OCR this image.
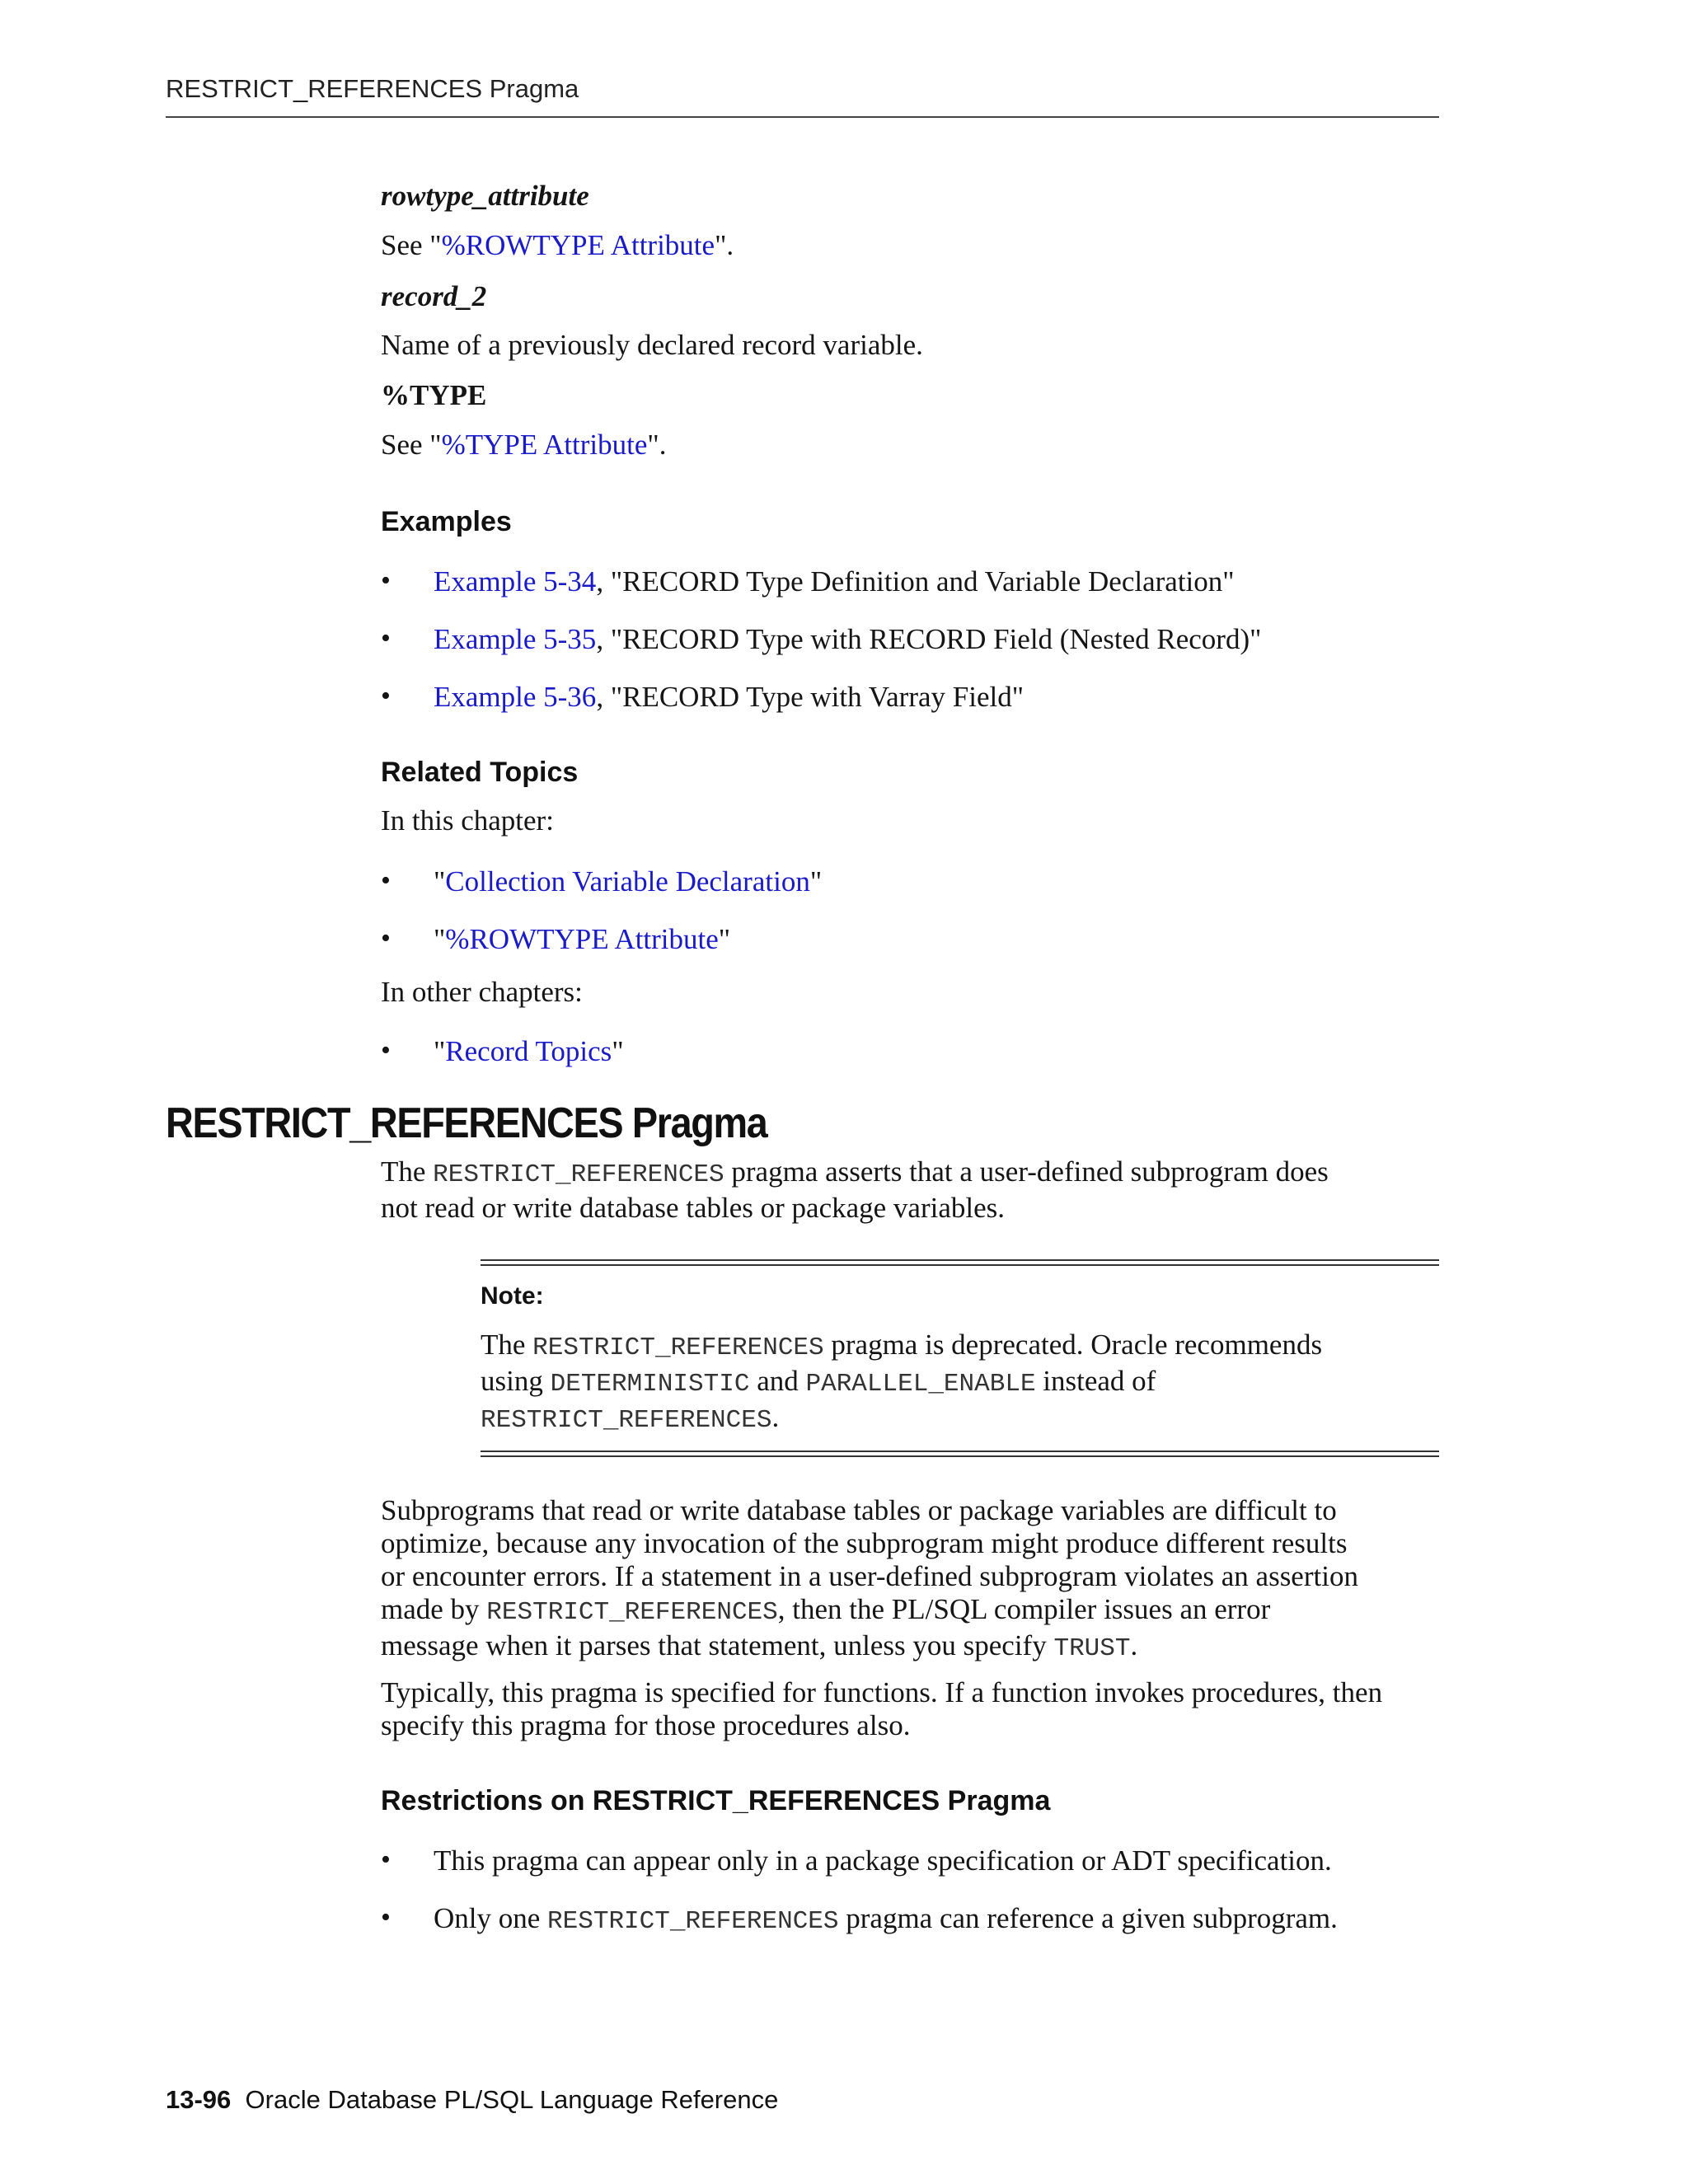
RESTRICT_REFERENCES Pragma
rowtype_attribute
See "%ROWTYPE Attribute".
record_2
Name of a previously declared record variable.
%TYPE
See "%TYPE Attribute".
Examples
• Example 5-34, "RECORD Type Definition and Variable Declaration"
• Example 5-35, "RECORD Type with RECORD Field (Nested Record)"
• Example 5-36, "RECORD Type with Varray Field"
Related Topics
In this chapter:
• "Collection Variable Declaration"
• "%ROWTYPE Attribute"
In other chapters:
• "Record Topics"
RESTRICT_REFERENCES Pragma
The RESTRICT_REFERENCES pragma asserts that a user-defined subprogram does
not read or write database tables or package variables.
Note:
The RESTRICT_REFERENCES pragma is deprecated. Oracle recommends
using DETERMINISTIC and PARALLEL_ENABLE instead of
RESTRICT_REFERENCES.
Subprograms that read or write database tables or package variables are difficult to
optimize, because any invocation of the subprogram might produce different results
or encounter errors. If a statement in a user-defined subprogram violates an assertion
made by RESTRICT_REFERENCES, then the PL/SQL compiler issues an error
message when it parses that statement, unless you specify TRUST.
Typically, this pragma is specified for functions. If a function invokes procedures, then
specify this pragma for those procedures also.
Restrictions on RESTRICT_REFERENCES Pragma
• This pragma can appear only in a package specification or ADT specification.
• Only one RESTRICT_REFERENCES pragma can reference a given subprogram.
13-96 Oracle Database PL/SQL Language Reference
